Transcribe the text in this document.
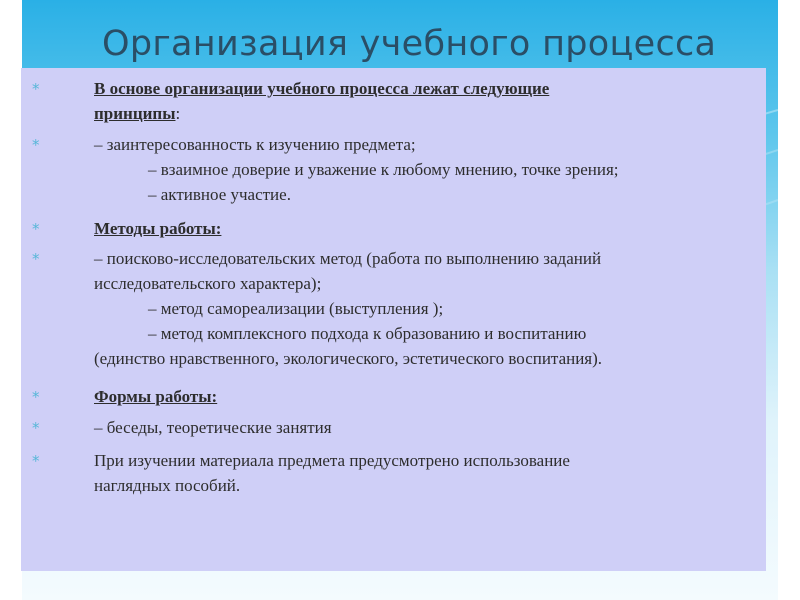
Организация учебного процесса
*	В основе организации учебного процесса лежат следующие
принципы:
*	– заинтересованность к изучению предмета;
– взаимное доверие и уважение к любому мнению, точке зрения;
– активное участие.
*	Методы работы:
*	– поисково-исследовательских метод (работа по выполнению заданий
исследовательского характера);
– метод самореализации (выступления );
– метод комплексного подхода к образованию и воспитанию
(единство нравственного, экологического, эстетического воспитания).
*	Формы работы:
*	– беседы, теоретические занятия
*	При изучении материала предмета предусмотрено использование
наглядных пособий.
